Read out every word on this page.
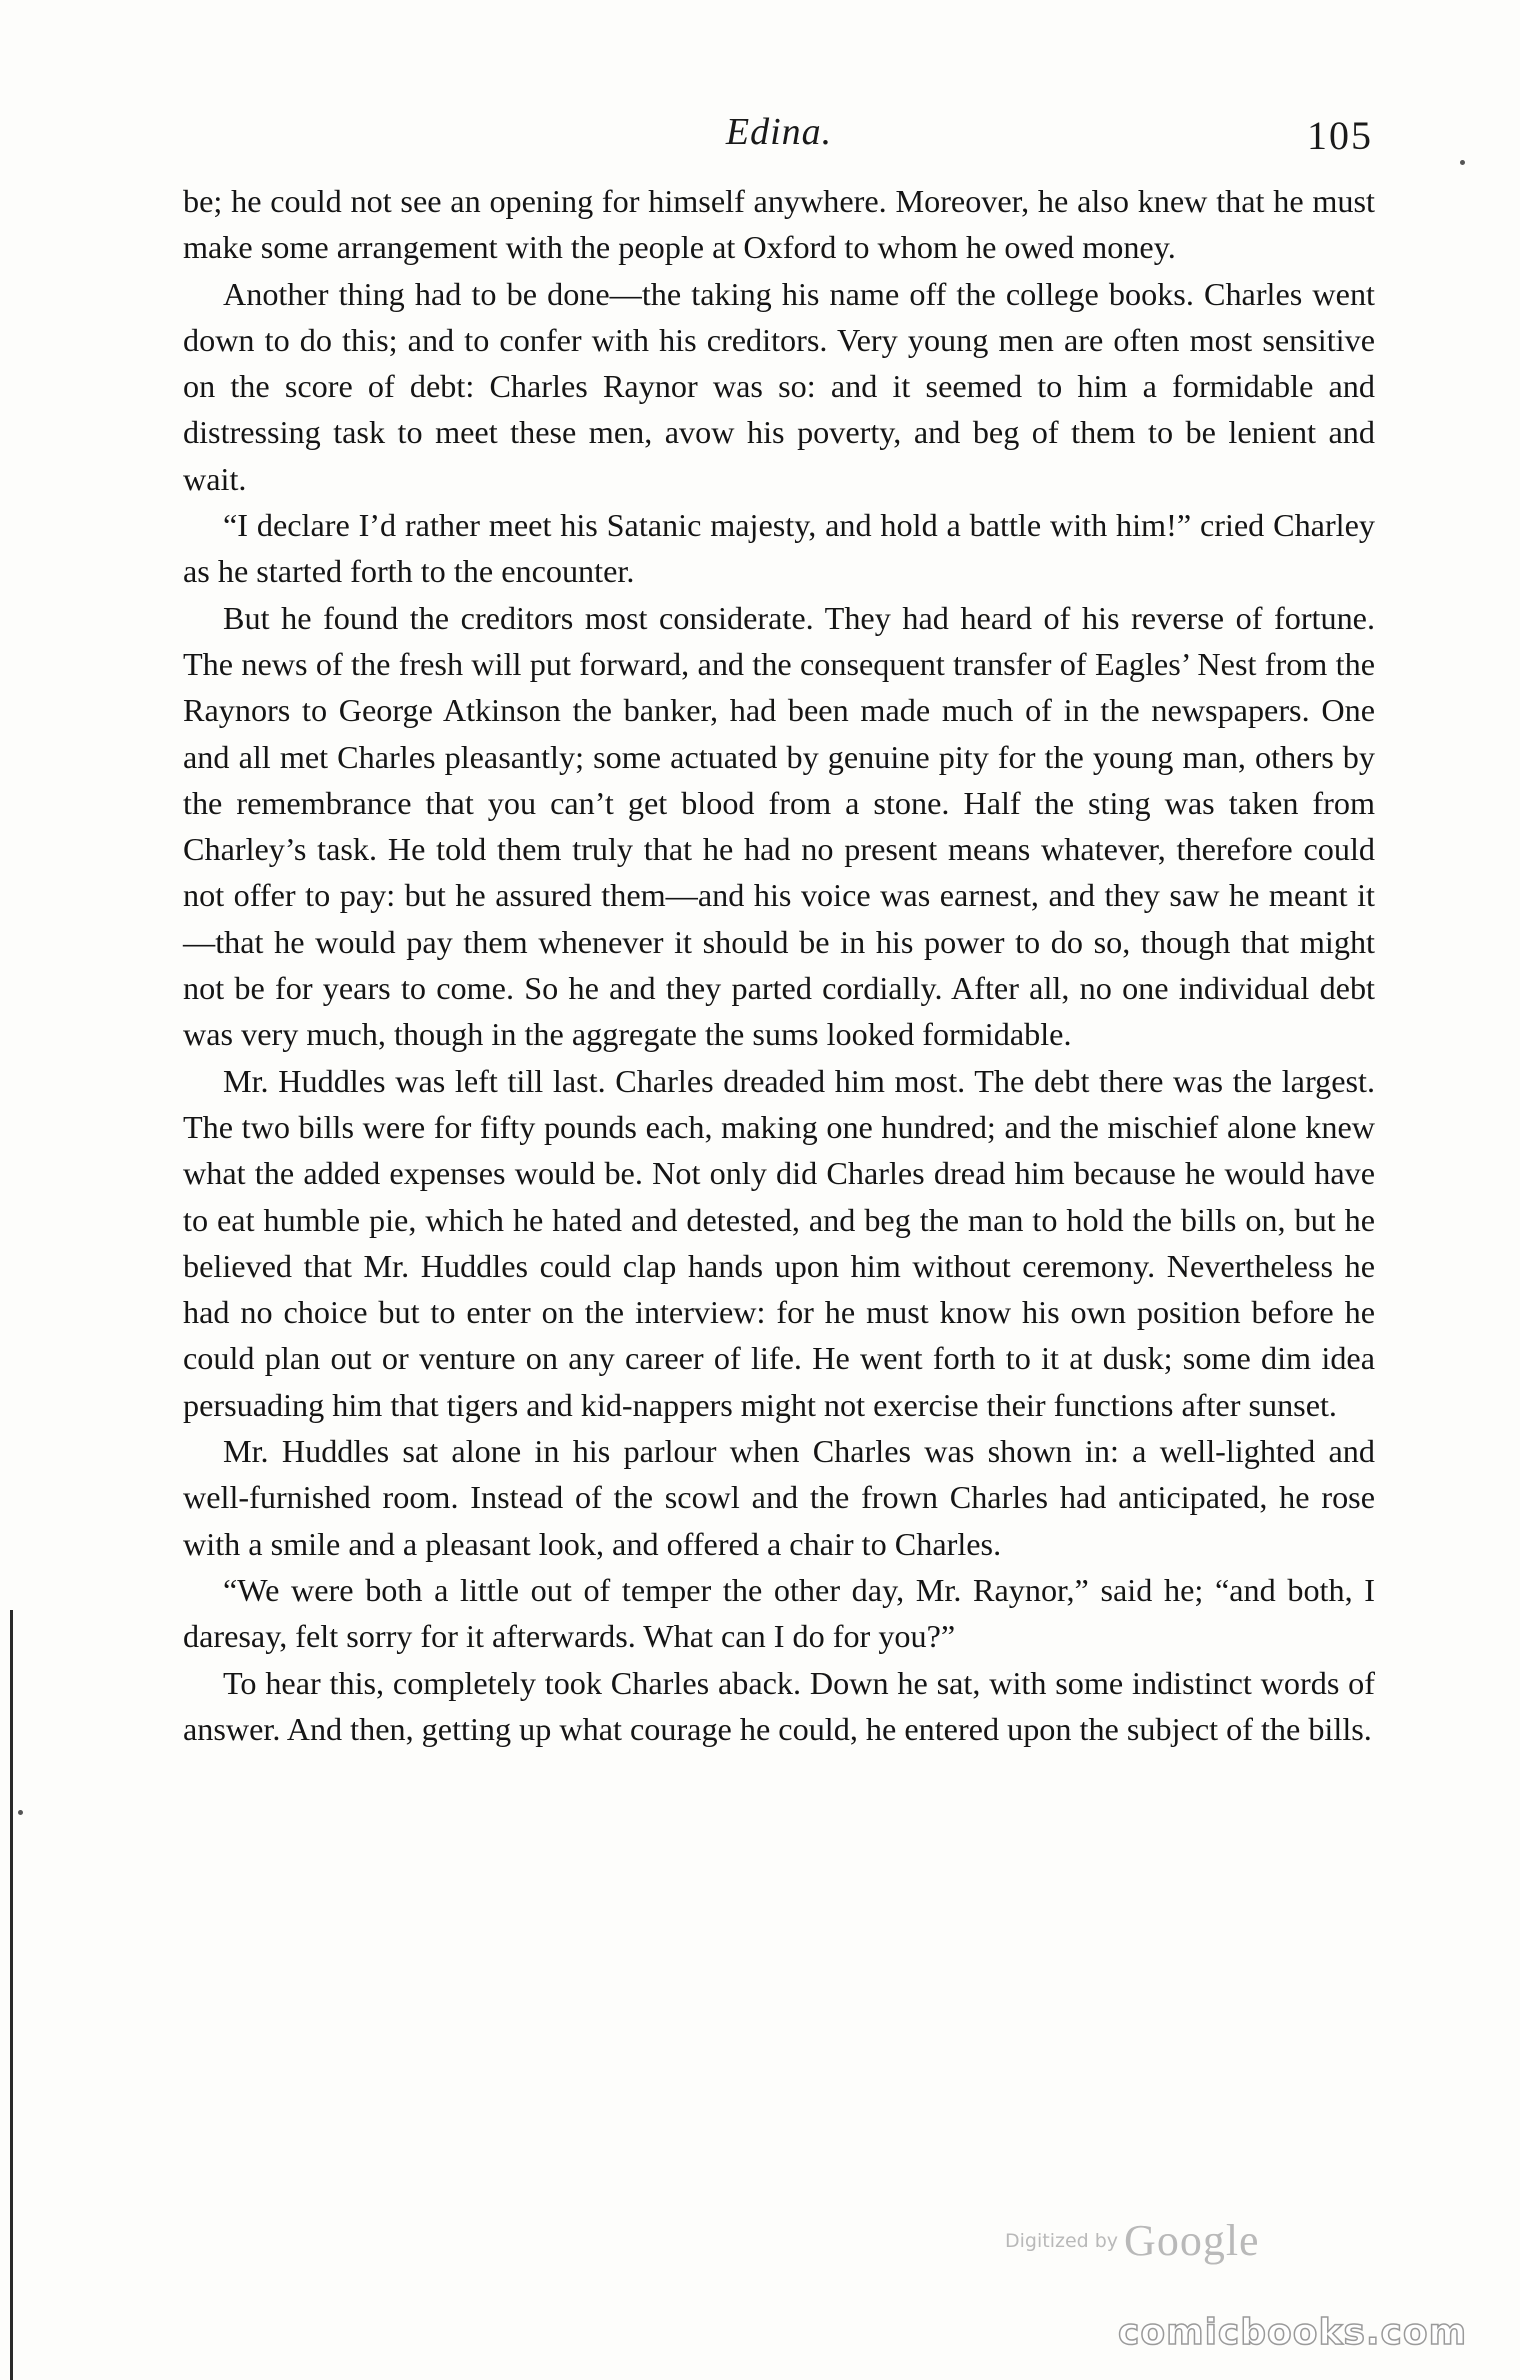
Edina.	105

be; he could not see an opening for himself anywhere. Moreover, he also knew that he must make some arrangement with the people at Oxford to whom he owed money.

Another thing had to be done—the taking his name off the college books. Charles went down to do this; and to confer with his creditors. Very young men are often most sensitive on the score of debt: Charles Raynor was so: and it seemed to him a formidable and distressing task to meet these men, avow his poverty, and beg of them to be lenient and wait.

“I declare I’d rather meet his Satanic majesty, and hold a battle with him!” cried Charley as he started forth to the encounter.

But he found the creditors most considerate. They had heard of his reverse of fortune. The news of the fresh will put forward, and the consequent transfer of Eagles’ Nest from the Raynors to George Atkinson the banker, had been made much of in the newspapers. One and all met Charles pleasantly; some actuated by genuine pity for the young man, others by the remembrance that you can’t get blood from a stone. Half the sting was taken from Charley’s task. He told them truly that he had no present means whatever, therefore could not offer to pay: but he assured them—and his voice was earnest, and they saw he meant it—that he would pay them whenever it should be in his power to do so, though that might not be for years to come. So he and they parted cordially. After all, no one individual debt was very much, though in the aggregate the sums looked formidable.

Mr. Huddles was left till last. Charles dreaded him most. The debt there was the largest. The two bills were for fifty pounds each, making one hundred; and the mischief alone knew what the added expenses would be. Not only did Charles dread him because he would have to eat humble pie, which he hated and detested, and beg the man to hold the bills on, but he believed that Mr. Huddles could clap hands upon him without ceremony. Nevertheless he had no choice but to enter on the interview: for he must know his own position before he could plan out or venture on any career of life. He went forth to it at dusk; some dim idea persuading him that tigers and kid-nappers might not exercise their functions after sunset.

Mr. Huddles sat alone in his parlour when Charles was shown in: a well-lighted and well-furnished room. Instead of the scowl and the frown Charles had anticipated, he rose with a smile and a pleasant look, and offered a chair to Charles.

“We were both a little out of temper the other day, Mr. Raynor,” said he; “and both, I daresay, felt sorry for it afterwards. What can I do for you?”

To hear this, completely took Charles aback. Down he sat, with some indistinct words of answer. And then, getting up what courage he could, he entered upon the subject of the bills.

Digitized by Google
comicbooks.com
